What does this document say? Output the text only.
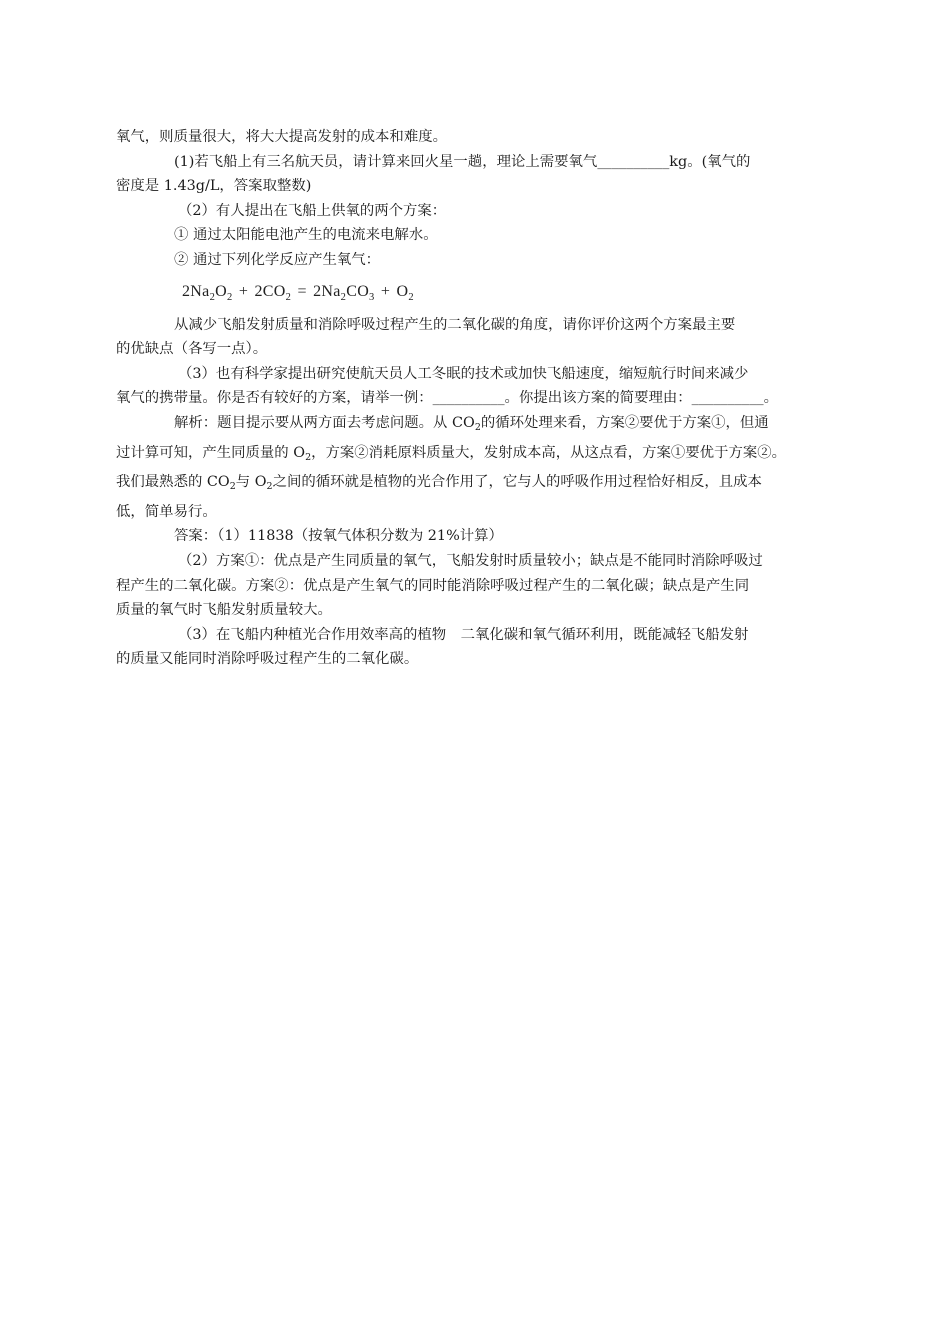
氧气，则质量很大，将大大提高发射的成本和难度。
(1)若飞船上有三名航天员，请计算来回火星一趟，理论上需要氧气__________kg。(氧气的
密度是 1.43g/L，答案取整数)
（2）有人提出在飞船上供氧的两个方案：
① 通过太阳能电池产生的电流来电解水。
② 通过下列化学反应产生氧气：
$2Na_2O_2 + 2CO_2 = 2Na_2CO_3 + O_2$
从减少飞船发射质量和消除呼吸过程产生的二氧化碳的角度，请你评价这两个方案最主要
的优缺点（各写一点）。
（3）也有科学家提出研究使航天员人工冬眠的技术或加快飞船速度，缩短航行时间来减少
氧气的携带量。你是否有较好的方案，请举一例：__________。你提出该方案的简要理由：__________。
解析：题目提示要从两方面去考虑问题。从 $CO_2$的循环处理来看，方案②要优于方案①，但通
过计算可知，产生同质量的 $O_2$，方案②消耗原料质量大，发射成本高，从这点看，方案①要优于方案②。
我们最熟悉的 $CO_2$与 $O_2$之间的循环就是植物的光合作用了，它与人的呼吸作用过程恰好相反，且成本
低，简单易行。
答案：（1）11838（按氧气体积分数为 21%计算）
（2）方案①：优点是产生同质量的氧气，飞船发射时质量较小；缺点是不能同时消除呼吸过
程产生的二氧化碳。方案②：优点是产生氧气的同时能消除呼吸过程产生的二氧化碳；缺点是产生同
质量的氧气时飞船发射质量较大。
（3）在飞船内种植光合作用效率高的植物　二氧化碳和氧气循环利用，既能减轻飞船发射
的质量又能同时消除呼吸过程产生的二氧化碳。
